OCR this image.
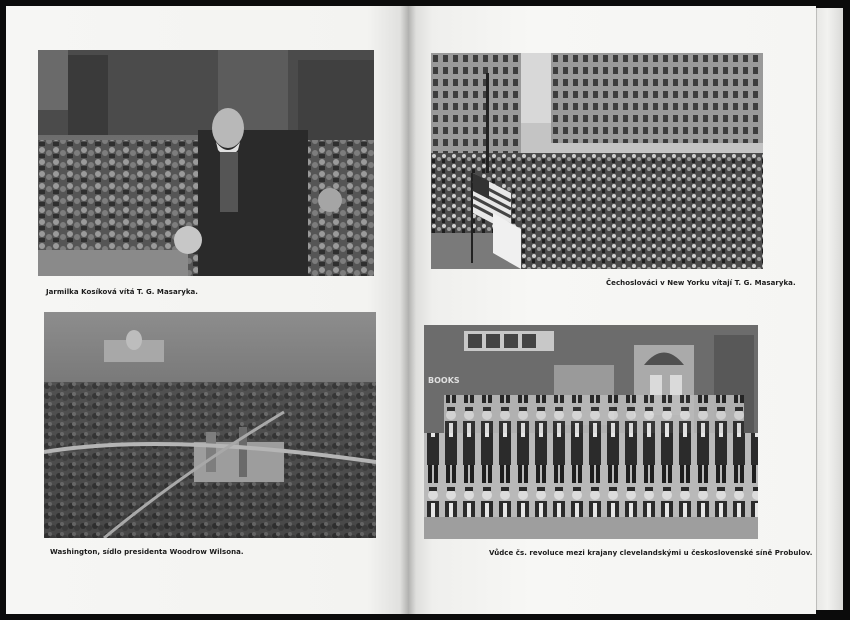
Jarmilka Kosíková vítá T. G. Masaryka.
Čechoslováci v New Yorku vítají T. G. Masaryka.
Washington, sídlo presidenta Woodrow Wilsona.
BOOKS
Vůdce čs. revoluce mezi krajany clevelandskými u československé síně Probulov.
